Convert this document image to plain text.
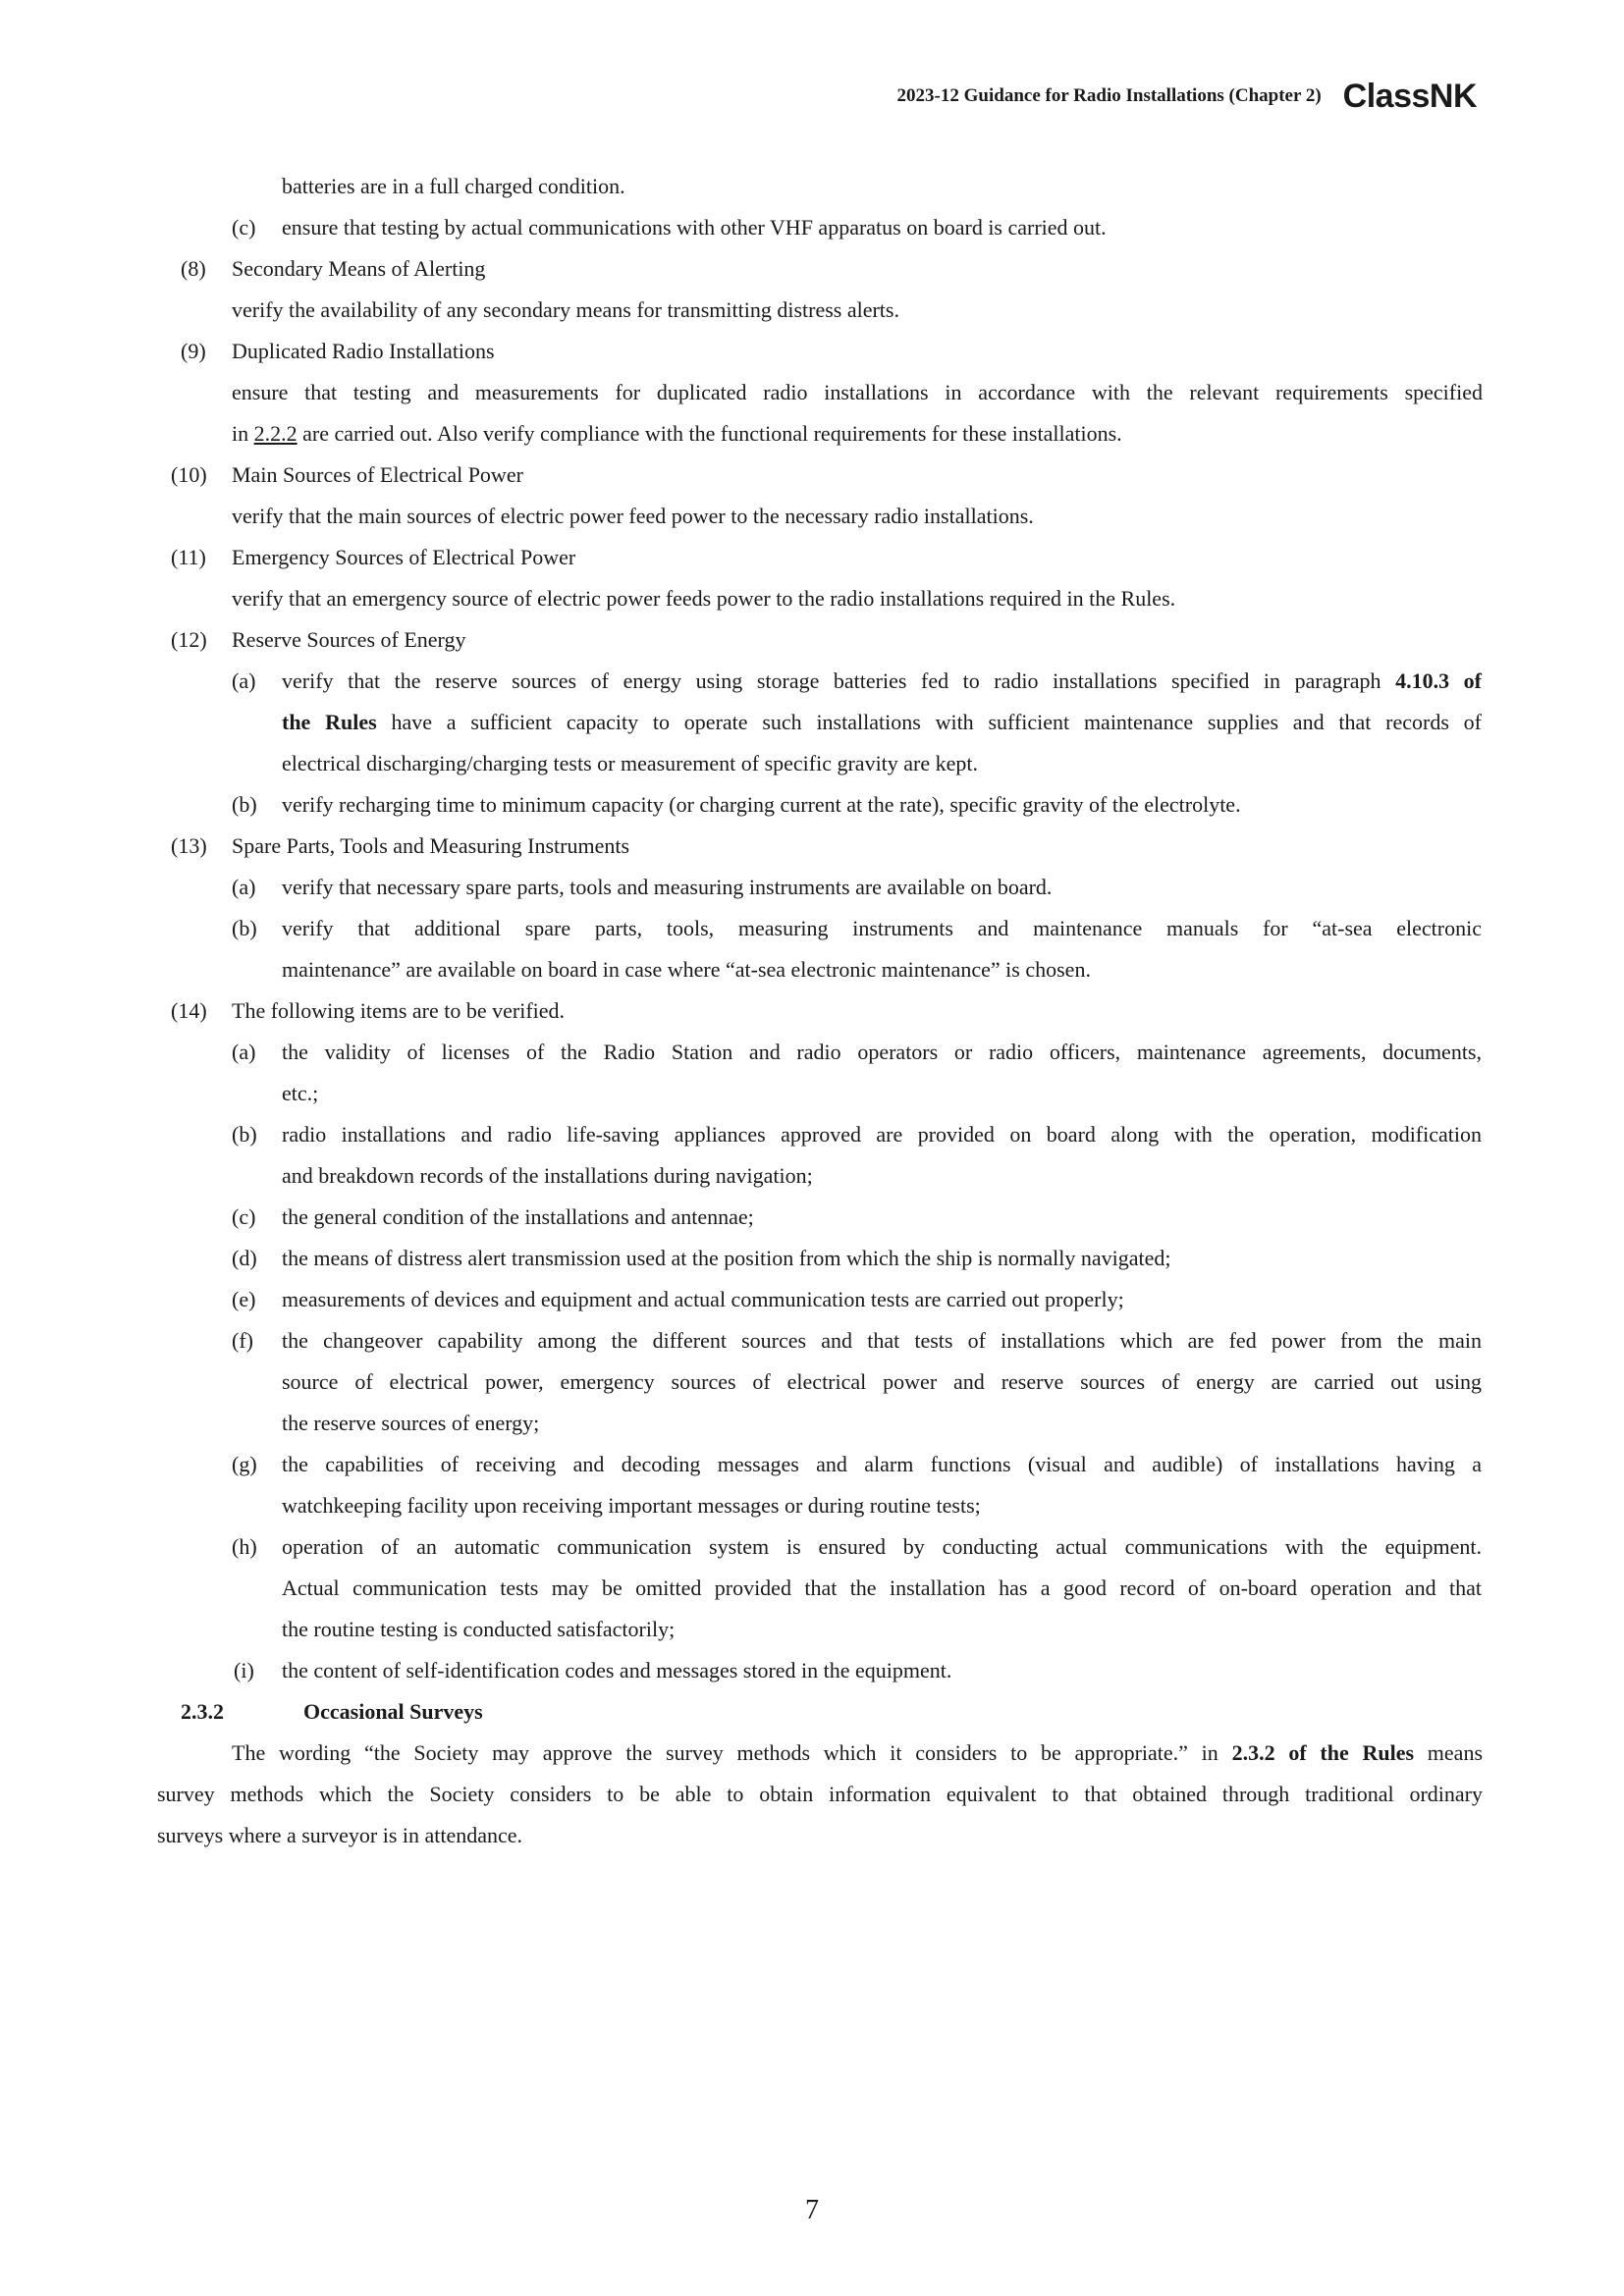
2023-12 Guidance for Radio Installations (Chapter 2) ClassNK
batteries are in a full charged condition.
(c) ensure that testing by actual communications with other VHF apparatus on board is carried out.
(8) Secondary Means of Alerting
verify the availability of any secondary means for transmitting distress alerts.
(9) Duplicated Radio Installations
ensure that testing and measurements for duplicated radio installations in accordance with the relevant requirements specified
in 2.2.2 are carried out. Also verify compliance with the functional requirements for these installations.
(10) Main Sources of Electrical Power
verify that the main sources of electric power feed power to the necessary radio installations.
(11) Emergency Sources of Electrical Power
verify that an emergency source of electric power feeds power to the radio installations required in the Rules.
(12) Reserve Sources of Energy
(a) verify that the reserve sources of energy using storage batteries fed to radio installations specified in paragraph 4.10.3 of
the Rules have a sufficient capacity to operate such installations with sufficient maintenance supplies and that records of
electrical discharging/charging tests or measurement of specific gravity are kept.
(b) verify recharging time to minimum capacity (or charging current at the rate), specific gravity of the electrolyte.
(13) Spare Parts, Tools and Measuring Instruments
(a) verify that necessary spare parts, tools and measuring instruments are available on board.
(b) verify that additional spare parts, tools, measuring instruments and maintenance manuals for “at-sea electronic
maintenance” are available on board in case where “at-sea electronic maintenance” is chosen.
(14) The following items are to be verified.
(a) the validity of licenses of the Radio Station and radio operators or radio officers, maintenance agreements, documents,
etc.;
(b) radio installations and radio life-saving appliances approved are provided on board along with the operation, modification
and breakdown records of the installations during navigation;
(c) the general condition of the installations and antennae;
(d) the means of distress alert transmission used at the position from which the ship is normally navigated;
(e) measurements of devices and equipment and actual communication tests are carried out properly;
(f) the changeover capability among the different sources and that tests of installations which are fed power from the main
source of electrical power, emergency sources of electrical power and reserve sources of energy are carried out using
the reserve sources of energy;
(g) the capabilities of receiving and decoding messages and alarm functions (visual and audible) of installations having a
watchkeeping facility upon receiving important messages or during routine tests;
(h) operation of an automatic communication system is ensured by conducting actual communications with the equipment.
Actual communication tests may be omitted provided that the installation has a good record of on-board operation and that
the routine testing is conducted satisfactorily;
(i) the content of self-identification codes and messages stored in the equipment.
2.3.2	Occasional Surveys
The wording “the Society may approve the survey methods which it considers to be appropriate.” in 2.3.2 of the Rules means
survey methods which the Society considers to be able to obtain information equivalent to that obtained through traditional ordinary
surveys where a surveyor is in attendance.
7
